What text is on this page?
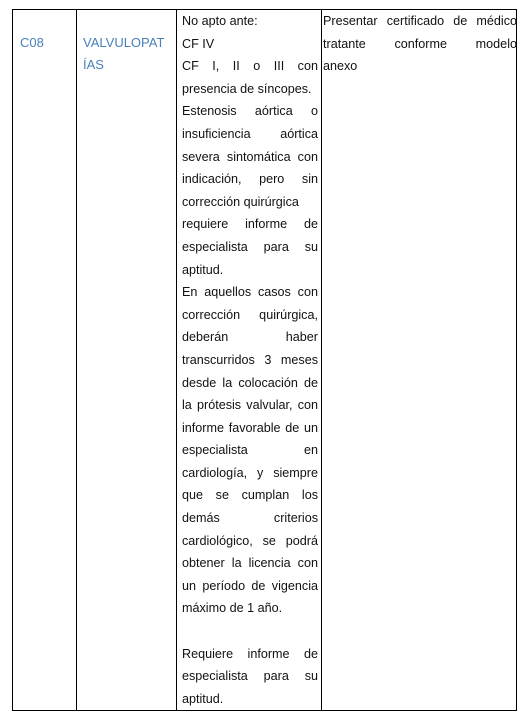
C08	VALVULOPAT
ÍAS
No apto ante:
CF IV
CF I, II o III con
presencia de síncopes.
Estenosis aórtica o
insuficiencia aórtica
severa sintomática con
indicación, pero sin
corrección quirúrgica
requiere informe de
especialista para su
aptitud.
En aquellos casos con
corrección quirúrgica,
deberán haber
transcurridos 3 meses
desde la colocación de
la prótesis valvular, con
informe favorable de un
especialista en
cardiología, y siempre
que se cumplan los
demás criterios
cardiológico, se podrá
obtener la licencia con
un período de vigencia
máximo de 1 año.
Requiere informe de
especialista para su
aptitud.
Presentar certificado de médico
tratante conforme modelo
anexo
